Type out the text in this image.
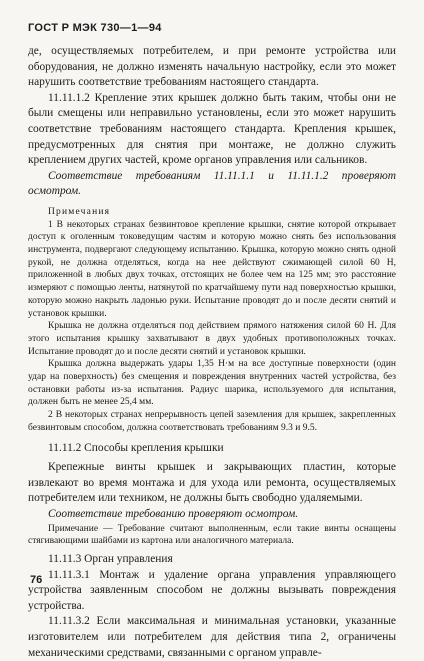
ГОСТ Р МЭК 730—1—94

де, осуществляемых потребителем, и при ремонте устройства или оборудования, не должно изменять начальную настройку, если это может нарушить соответствие требованиям настоящего стандарта.

11.11.1.2 Крепление этих крышек должно быть таким, чтобы они не были смещены или неправильно установлены, если это может нарушить соответствие требованиям настоящего стандарта. Крепления крышек, предусмотренных для снятия при монтаже, не должно служить креплением других частей, кроме органов управления или сальников.

Соответствие требованиям 11.11.1.1 и 11.11.1.2 проверяют осмотром.

Примечания

1 В некоторых странах безвинтовое крепление крышки, снятие которой открывает доступ к оголенным токоведущим частям и которую можно снять без использования инструмента, подвергают следующему испытанию. Крышка, которую можно снять одной рукой, не должна отделяться, когда на нее действуют сжимающей силой 60 Н, приложенной в любых двух точках, отстоящих не более чем на 125 мм; это расстояние измеряют с помощью ленты, натянутой по кратчайшему пути над поверхностью крышки, которую можно накрыть ладонью руки. Испытание проводят до и после десяти снятий и установок крышки.

Крышка не должна отделяться под действием прямого натяжения силой 60 Н. Для этого испытания крышку захватывают в двух удобных противоположных точках. Испытание проводят до и после десяти снятий и установок крышки.

Крышка должна выдержать удары 1,35 Н·м на все доступные поверхности (один удар на поверхность) без смещения и повреждения внутренних частей устройства, без остановки работы из-за испытания. Радиус шарика, используемого для испытания, должен быть не менее 25,4 мм.

2 В некоторых странах непрерывность цепей заземления для крышек, закрепленных безвинтовым способом, должна соответствовать требованиям 9.3 и 9.5.

11.11.2 Способы крепления крышки

Крепежные винты крышек и закрывающих пластин, которые извлекают во время монтажа и для ухода или ремонта, осуществляемых потребителем или техником, не должны быть свободно удаляемыми.

Соответствие требованию проверяют осмотром.

Примечание — Требование считают выполненным, если такие винты оснащены стягивающими шайбами из картона или аналогичного материала.

11.11.3 Орган управления

11.11.3.1 Монтаж и удаление органа управления управляющего устройства заявленным способом не должны вызывать повреждения устройства.

11.11.3.2 Если максимальная и минимальная установки, указанные изготовителем или потребителем для действия типа 2, ограничены механическими средствами, связанными с органом управле-

76
